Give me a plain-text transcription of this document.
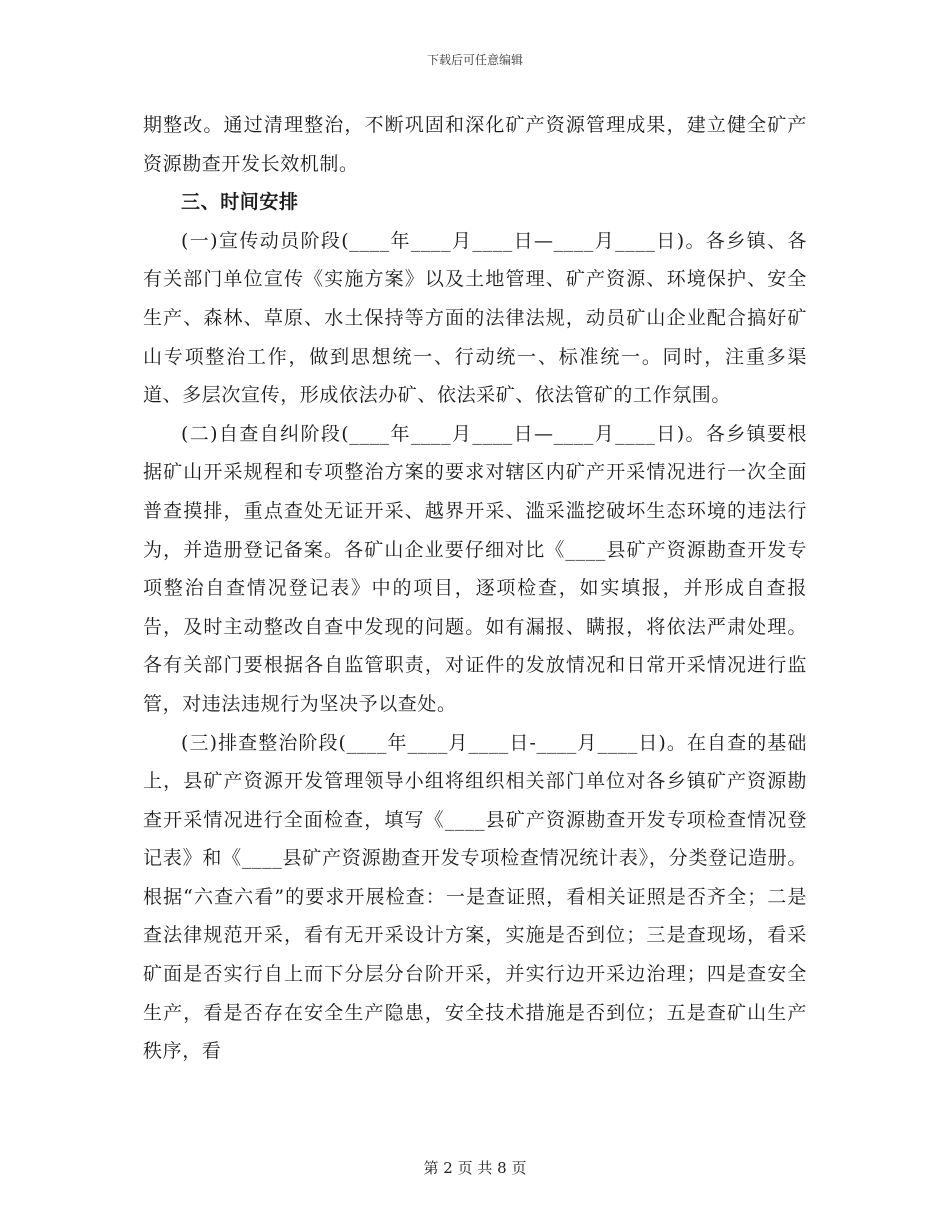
下载后可任意编辑

期整改。通过清理整治，不断巩固和深化矿产资源管理成果，建立健全矿产资源勘查开发长效机制。

三、时间安排

(一)宣传动员阶段(____年____月____日—____月____日)。各乡镇、各有关部门单位宣传《实施方案》以及土地管理、矿产资源、环境保护、安全生产、森林、草原、水土保持等方面的法律法规，动员矿山企业配合搞好矿山专项整治工作，做到思想统一、行动统一、标准统一。同时，注重多渠道、多层次宣传，形成依法办矿、依法采矿、依法管矿的工作氛围。

(二)自查自纠阶段(____年____月____日—____月____日)。各乡镇要根据矿山开采规程和专项整治方案的要求对辖区内矿产开采情况进行一次全面普查摸排，重点查处无证开采、越界开采、滥采滥挖破坏生态环境的违法行为，并造册登记备案。各矿山企业要仔细对比《____县矿产资源勘查开发专项整治自查情况登记表》中的项目，逐项检查，如实填报，并形成自查报告，及时主动整改自查中发现的问题。如有漏报、瞒报，将依法严肃处理。各有关部门要根据各自监管职责，对证件的发放情况和日常开采情况进行监管，对违法违规行为坚决予以查处。

(三)排查整治阶段(____年____月____日-____月____日)。在自查的基础上，县矿产资源开发管理领导小组将组织相关部门单位对各乡镇矿产资源勘查开采情况进行全面检查，填写《____县矿产资源勘查开发专项检查情况登记表》和《____县矿产资源勘查开发专项检查情况统计表》，分类登记造册。根据“六查六看”的要求开展检查：一是查证照，看相关证照是否齐全；二是查法律规范开采，看有无开采设计方案，实施是否到位；三是查现场，看采矿面是否实行自上而下分层分台阶开采，并实行边开采边治理；四是查安全生产，看是否存在安全生产隐患，安全技术措施是否到位；五是查矿山生产秩序，看

第 2 页 共 8 页
